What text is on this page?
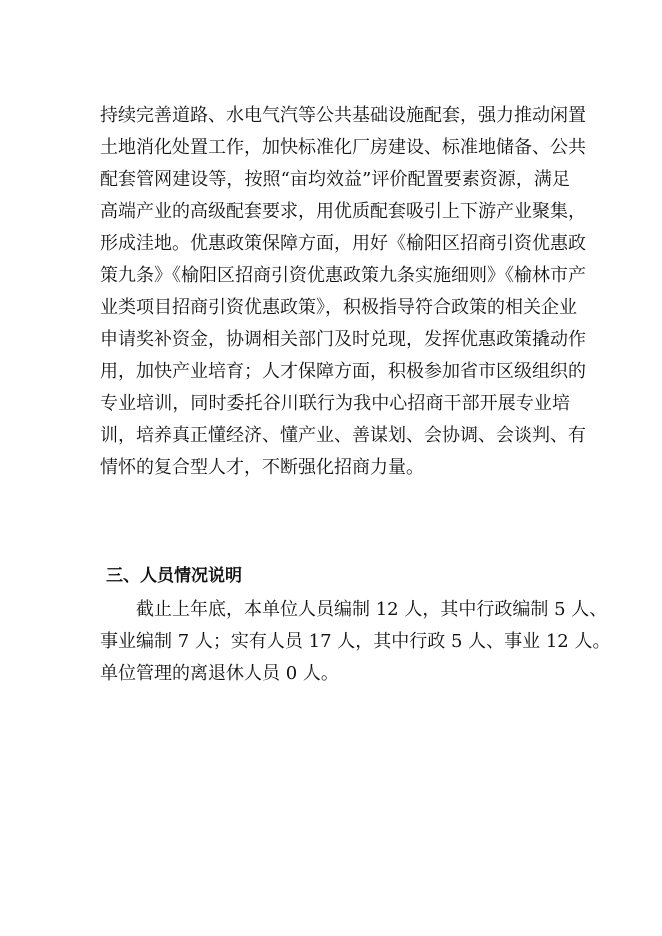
持续完善道路、水电气汽等公共基础设施配套，强力推动闲置
土地消化处置工作，加快标准化厂房建设、标准地储备、公共
配套管网建设等，按照“亩均效益”评价配置要素资源，满足
高端产业的高级配套要求，用优质配套吸引上下游产业聚集，
形成洼地。优惠政策保障方面，用好《榆阳区招商引资优惠政
策九条》《榆阳区招商引资优惠政策九条实施细则》《榆林市产
业类项目招商引资优惠政策》，积极指导符合政策的相关企业
申请奖补资金，协调相关部门及时兑现，发挥优惠政策撬动作
用，加快产业培育；人才保障方面，积极参加省市区级组织的
专业培训，同时委托谷川联行为我中心招商干部开展专业培
训，培养真正懂经济、懂产业、善谋划、会协调、会谈判、有
情怀的复合型人才，不断强化招商力量。
三、人员情况说明
截止上年底，本单位人员编制 12 人，其中行政编制 5 人、
事业编制 7 人；实有人员 17 人，其中行政 5 人、事业 12 人。
单位管理的离退休人员 0 人。
